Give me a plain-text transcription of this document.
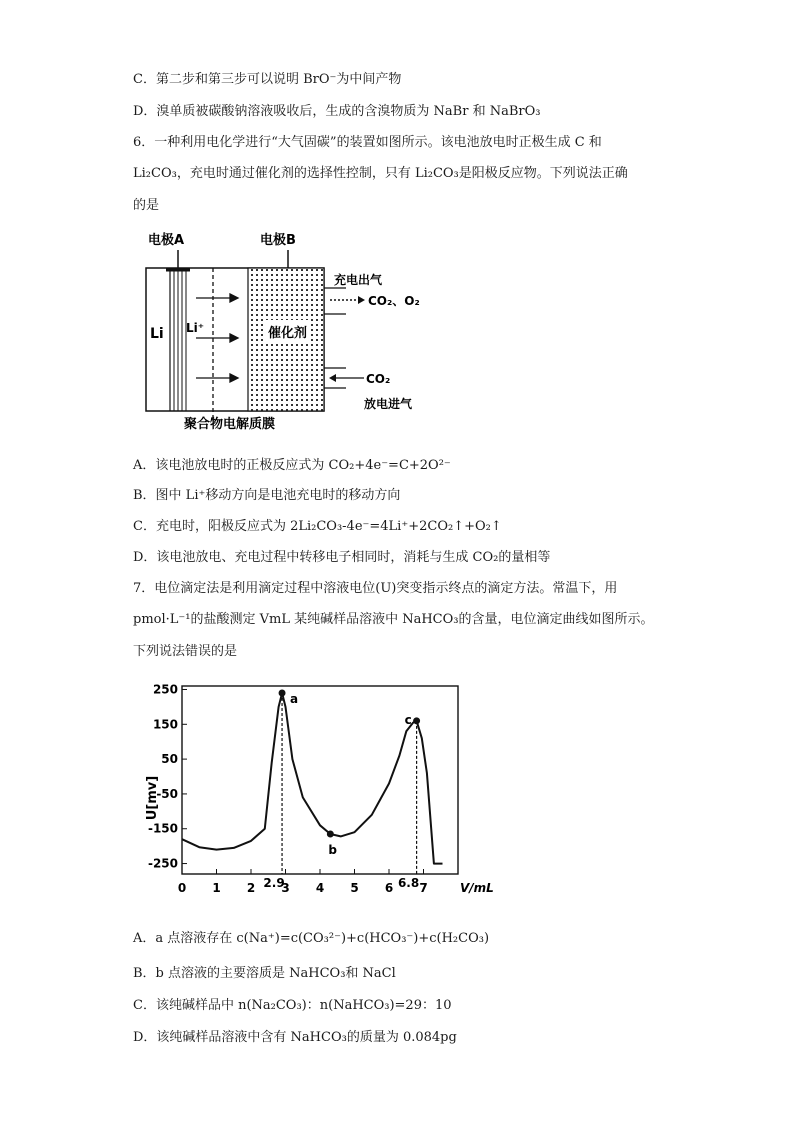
C．第二步和第三步可以说明 BrO⁻为中间产物
D．溴单质被碳酸钠溶液吸收后，生成的含溴物质为 NaBr 和 NaBrO₃
6．一种利用电化学进行“大气固碳”的装置如图所示。该电池放电时正极生成 C 和
Li₂CO₃，充电时通过催化剂的选择性控制，只有 Li₂CO₃是阳极反应物。下列说法正确
的是
电极A	电极B
催化剂
Li Li⁺
充电出气
CO₂、O₂
CO₂
放电进气
聚合物电解质膜
A．该电池放电时的正极反应式为 CO₂+4e⁻=C+2O²⁻
B．图中 Li⁺移动方向是电池充电时的移动方向
C．充电时，阳极反应式为 2Li₂CO₃-4e⁻=4Li⁺+2CO₂↑+O₂↑
D．该电池放电、充电过程中转移电子相同时，消耗与生成 CO₂的量相等
7．电位滴定法是利用滴定过程中溶液电位(U)突变指示终点的滴定方法。常温下，用
pmol·L⁻¹的盐酸测定 VmL 某纯碱样品溶液中 NaHCO₃的含量，电位滴定曲线如图所示。
下列说法错误的是
U[mv]
250
150
50
-50
-150
-250
0 1 2 3 4 5 6 7
2.9	6.8	V/mL
a
b
c
A．a 点溶液存在 c(Na⁺)=c(CO₃²⁻)+c(HCO₃⁻)+c(H₂CO₃)
B．b 点溶液的主要溶质是 NaHCO₃和 NaCl
C．该纯碱样品中 n(Na₂CO₃)：n(NaHCO₃)=29：10
D．该纯碱样品溶液中含有 NaHCO₃的质量为 0.084pg
